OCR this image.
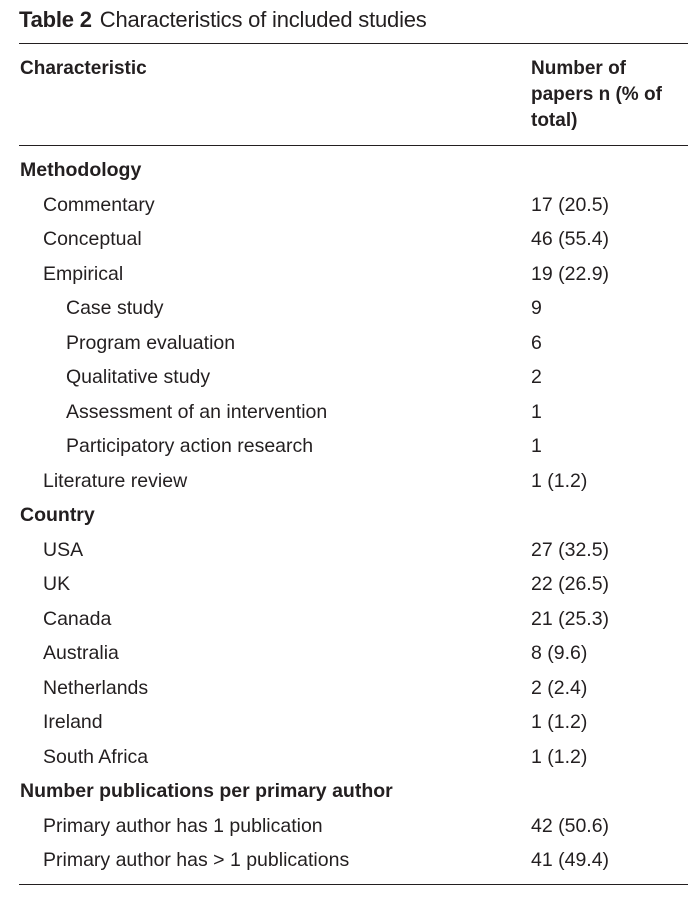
Table 2 Characteristics of included studies
Characteristic	Number of
papers n (% of
total)
Methodology
Commentary	17 (20.5)
Conceptual	46 (55.4)
Empirical	19 (22.9)
Case study	9
Program evaluation	6
Qualitative study	2
Assessment of an intervention	1
Participatory action research	1
Literature review	1 (1.2)
Country
USA	27 (32.5)
UK	22 (26.5)
Canada	21 (25.3)
Australia	8 (9.6)
Netherlands	2 (2.4)
Ireland	1 (1.2)
South Africa	1 (1.2)
Number publications per primary author
Primary author has 1 publication	42 (50.6)
Primary author has > 1 publications	41 (49.4)
